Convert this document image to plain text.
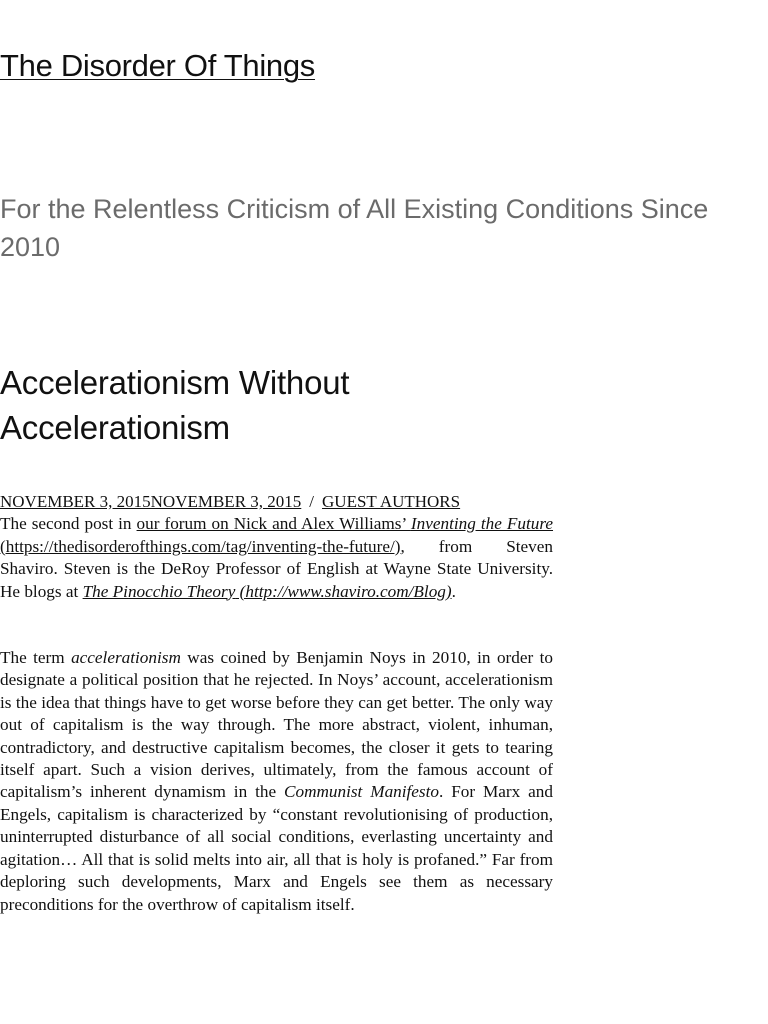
The Disorder Of Things

For the Relentless Criticism of All Existing Conditions Since 2010

Accelerationism Without Accelerationism
NOVEMBER 3, 2015NOVEMBER 3, 2015 / GUEST AUTHORS

The second post in our forum on Nick and Alex Williams’ Inventing the Future (https://thedisorderofthings.com/tag/inventing-the-future/), from Steven Shaviro. Steven is the DeRoy Professor of English at Wayne State University. He blogs at The Pinocchio Theory (http://www.shaviro.com/Blog).

The term accelerationism was coined by Benjamin Noys in 2010, in order to designate a political position that he rejected. In Noys’ account, accelerationism is the idea that things have to get worse before they can get better. The only way out of capitalism is the way through. The more abstract, violent, inhuman, contradictory, and destructive capitalism becomes, the closer it gets to tearing itself apart. Such a vision derives, ultimately, from the famous account of capitalism’s inherent dynamism in the Communist Manifesto. For Marx and Engels, capitalism is characterized by “constant revolutionising of production, uninterrupted disturbance of all social conditions, everlasting uncertainty and agitation… All that is solid melts into air, all that is holy is profaned.” Far from deploring such developments, Marx and Engels see them as necessary preconditions for the overthrow of capitalism itself.
